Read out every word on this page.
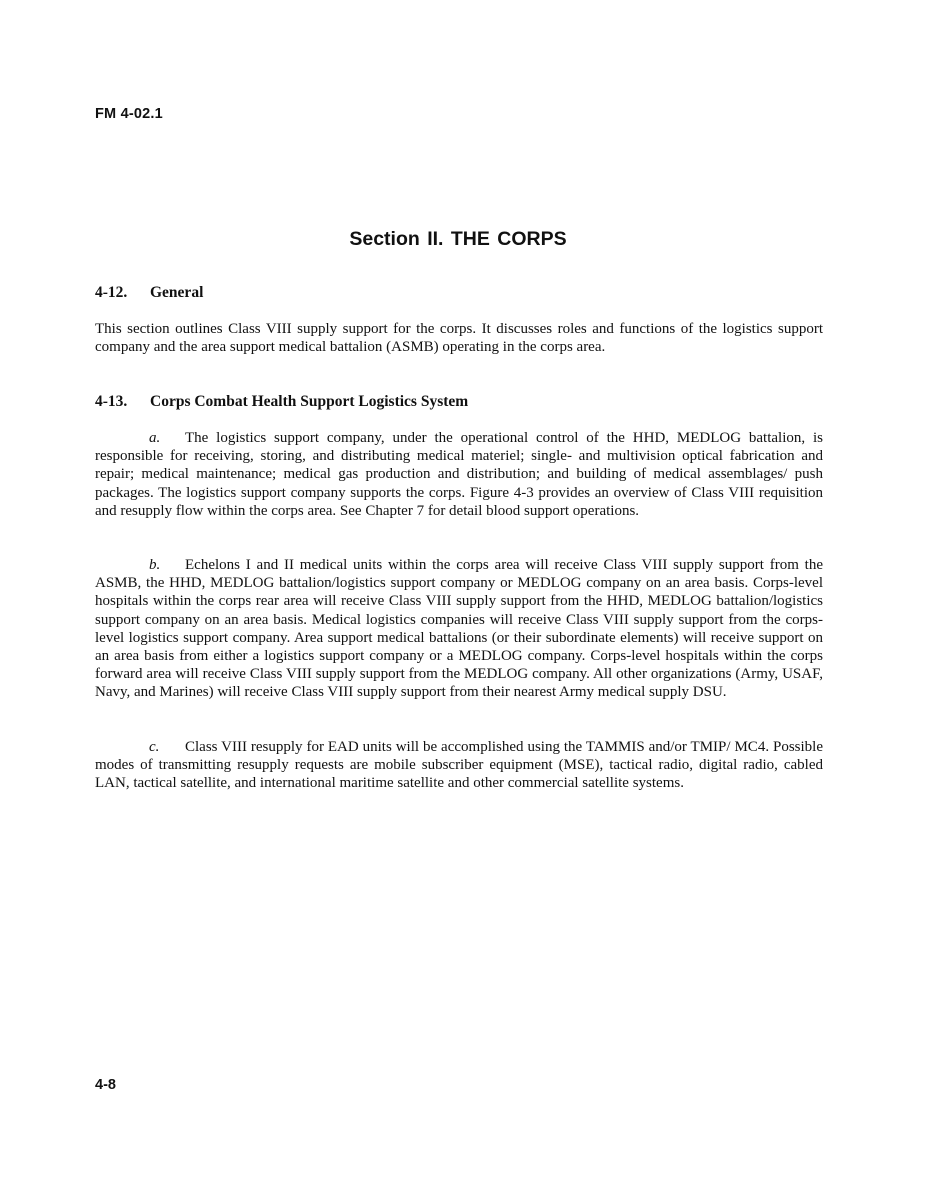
FM 4-02.1
Section II. THE CORPS
4-12. General

This section outlines Class VIII supply support for the corps. It discusses roles and functions of the logistics support company and the area support medical battalion (ASMB) operating in the corps area.

4-13. Corps Combat Health Support Logistics System

a. The logistics support company, under the operational control of the HHD, MEDLOG battalion, is responsible for receiving, storing, and distributing medical materiel; single- and multivision optical fabrication and repair; medical maintenance; medical gas production and distribution; and building of medical assemblages/ push packages. The logistics support company supports the corps. Figure 4-3 provides an overview of Class VIII requisition and resupply flow within the corps area. See Chapter 7 for detail blood support operations.

b. Echelons I and II medical units within the corps area will receive Class VIII supply support from the ASMB, the HHD, MEDLOG battalion/logistics support company or MEDLOG company on an area basis. Corps-level hospitals within the corps rear area will receive Class VIII supply support from the HHD, MEDLOG battalion/logistics support company on an area basis. Medical logistics companies will receive Class VIII supply support from the corps-level logistics support company. Area support medical battalions (or their subordinate elements) will receive support on an area basis from either a logistics support company or a MEDLOG company. Corps-level hospitals within the corps forward area will receive Class VIII supply support from the MEDLOG company. All other organizations (Army, USAF, Navy, and Marines) will receive Class VIII supply support from their nearest Army medical supply DSU.

c. Class VIII resupply for EAD units will be accomplished using the TAMMIS and/or TMIP/ MC4. Possible modes of transmitting resupply requests are mobile subscriber equipment (MSE), tactical radio, digital radio, cabled LAN, tactical satellite, and international maritime satellite and other commercial satellite systems.

4-8
